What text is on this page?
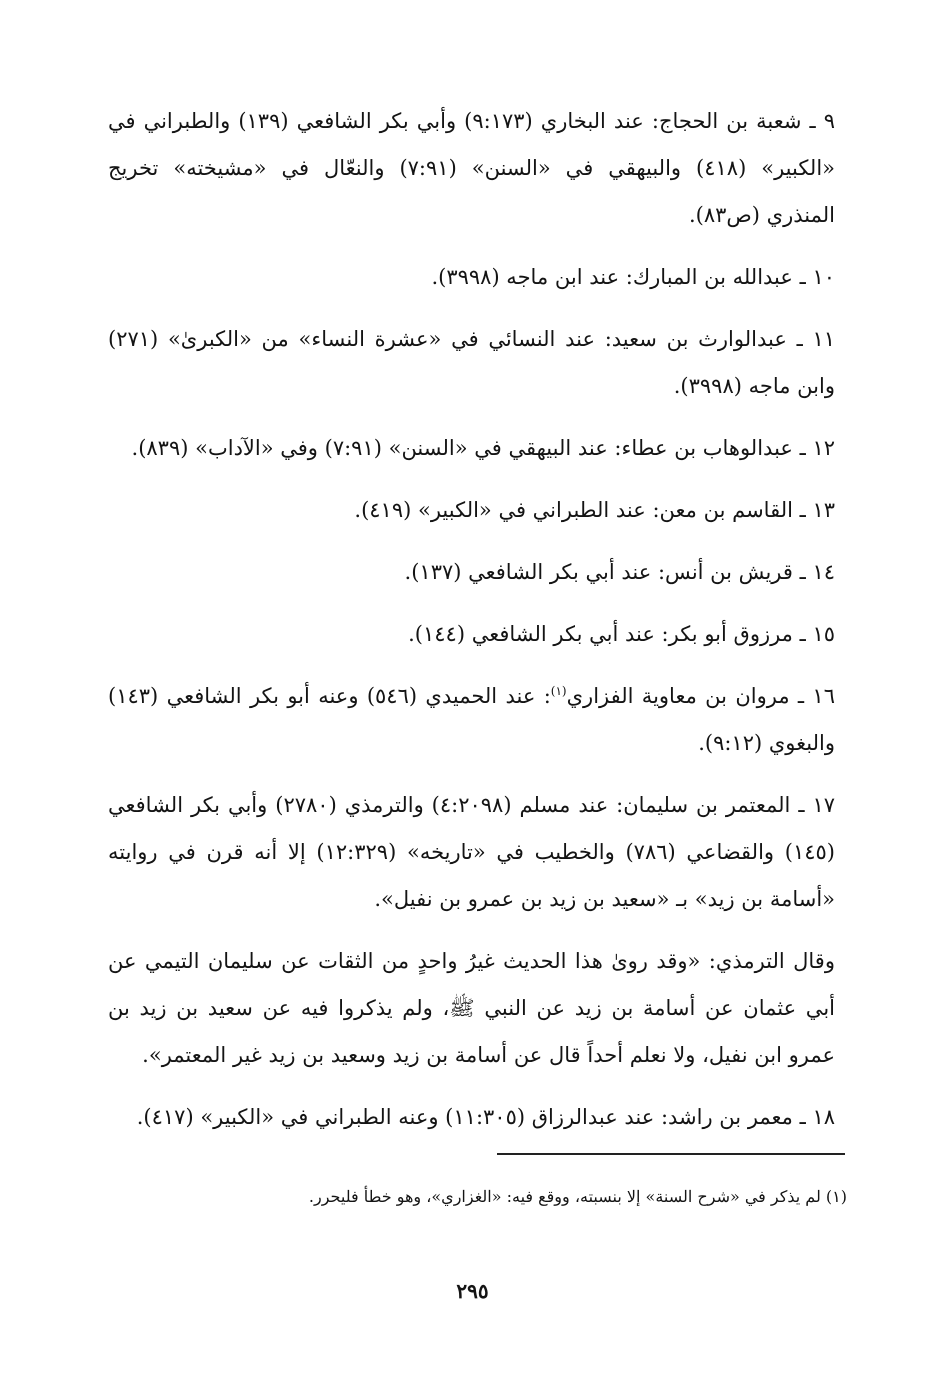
٩ ـ شعبة بن الحجاج: عند البخاري (٩:١٧٣) وأبي بكر الشافعي (١٣٩) والطبراني في «الكبير» (٤١٨) والبيهقي في «السنن» (٧:٩١) والنعّال في «مشيخته» تخريج المنذري (ص٨٣).

١٠ ـ عبدالله بن المبارك: عند ابن ماجه (٣٩٩٨).

١١ ـ عبدالوارث بن سعيد: عند النسائي في «عشرة النساء» من «الكبرىٰ» (٢٧١) وابن ماجه (٣٩٩٨).

١٢ ـ عبدالوهاب بن عطاء: عند البيهقي في «السنن» (٧:٩١) وفي «الآداب» (٨٣٩).

١٣ ـ القاسم بن معن: عند الطبراني في «الكبير» (٤١٩).

١٤ ـ قريش بن أنس: عند أبي بكر الشافعي (١٣٧).

١٥ ـ مرزوق أبو بكر: عند أبي بكر الشافعي (١٤٤).

١٦ ـ مروان بن معاوية الفزاري$^{(١)}$: عند الحميدي (٥٤٦) وعنه أبو بكر الشافعي (١٤٣) والبغوي (٩:١٢).

١٧ ـ المعتمر بن سليمان: عند مسلم (٤:٢٠٩٨) والترمذي (٢٧٨٠) وأبي بكر الشافعي (١٤٥) والقضاعي (٧٨٦) والخطيب في «تاريخه» (١٢:٣٢٩) إلا أنه قرن في روايته «أسامة بن زيد» بـ «سعيد بن زيد بن عمرو بن نفيل».

وقال الترمذي: «وقد روىٰ هذا الحديث غيرُ واحدٍ من الثقات عن سليمان التيمي عن أبي عثمان عن أسامة بن زيد عن النبي ﷺ، ولم يذكروا فيه عن سعيد بن زيد بن عمرو ابن نفيل، ولا نعلم أحداً قال عن أسامة بن زيد وسعيد بن زيد غير المعتمر».

١٨ ـ معمر بن راشد: عند عبدالرزاق (١١:٣٠٥) وعنه الطبراني في «الكبير» (٤١٧).

(١) لم يذكر في «شرح السنة» إلا بنسبته، ووقع فيه: «الغزاري»، وهو خطأ فليحرر.
٢٩٥
